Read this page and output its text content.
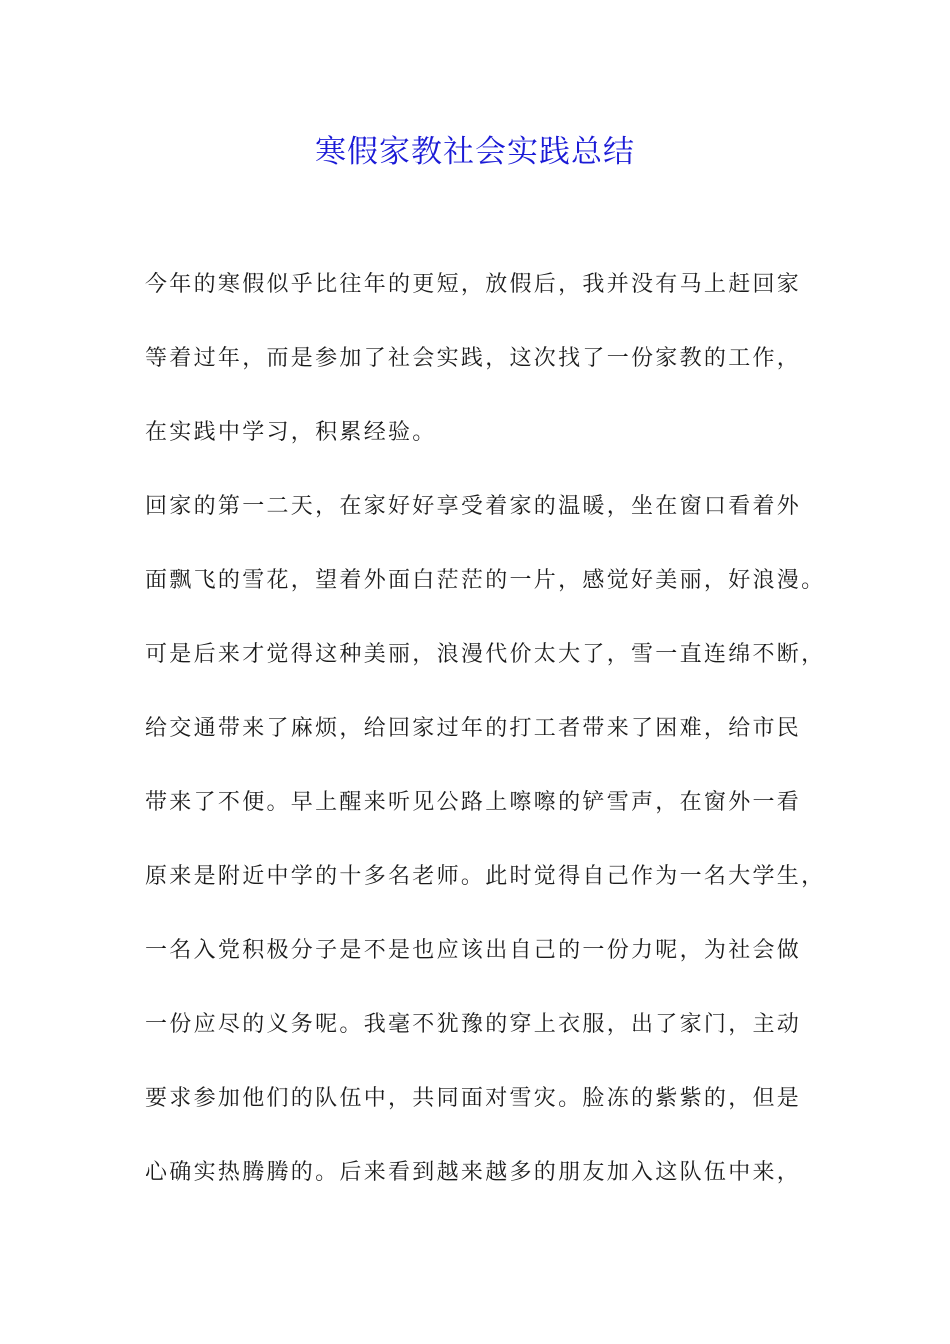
寒假家教社会实践总结
今年的寒假似乎比往年的更短，放假后，我并没有马上赶回家
等着过年，而是参加了社会实践，这次找了一份家教的工作，
在实践中学习，积累经验。
回家的第一二天，在家好好享受着家的温暖，坐在窗口看着外
面飘飞的雪花，望着外面白茫茫的一片，感觉好美丽，好浪漫。
可是后来才觉得这种美丽，浪漫代价太大了，雪一直连绵不断，
给交通带来了麻烦，给回家过年的打工者带来了困难，给市民
带来了不便。早上醒来听见公路上嚓嚓的铲雪声，在窗外一看
原来是附近中学的十多名老师。此时觉得自己作为一名大学生，
一名入党积极分子是不是也应该出自己的一份力呢，为社会做
一份应尽的义务呢。我毫不犹豫的穿上衣服，出了家门，主动
要求参加他们的队伍中，共同面对雪灾。脸冻的紫紫的，但是
心确实热腾腾的。后来看到越来越多的朋友加入这队伍中来，
